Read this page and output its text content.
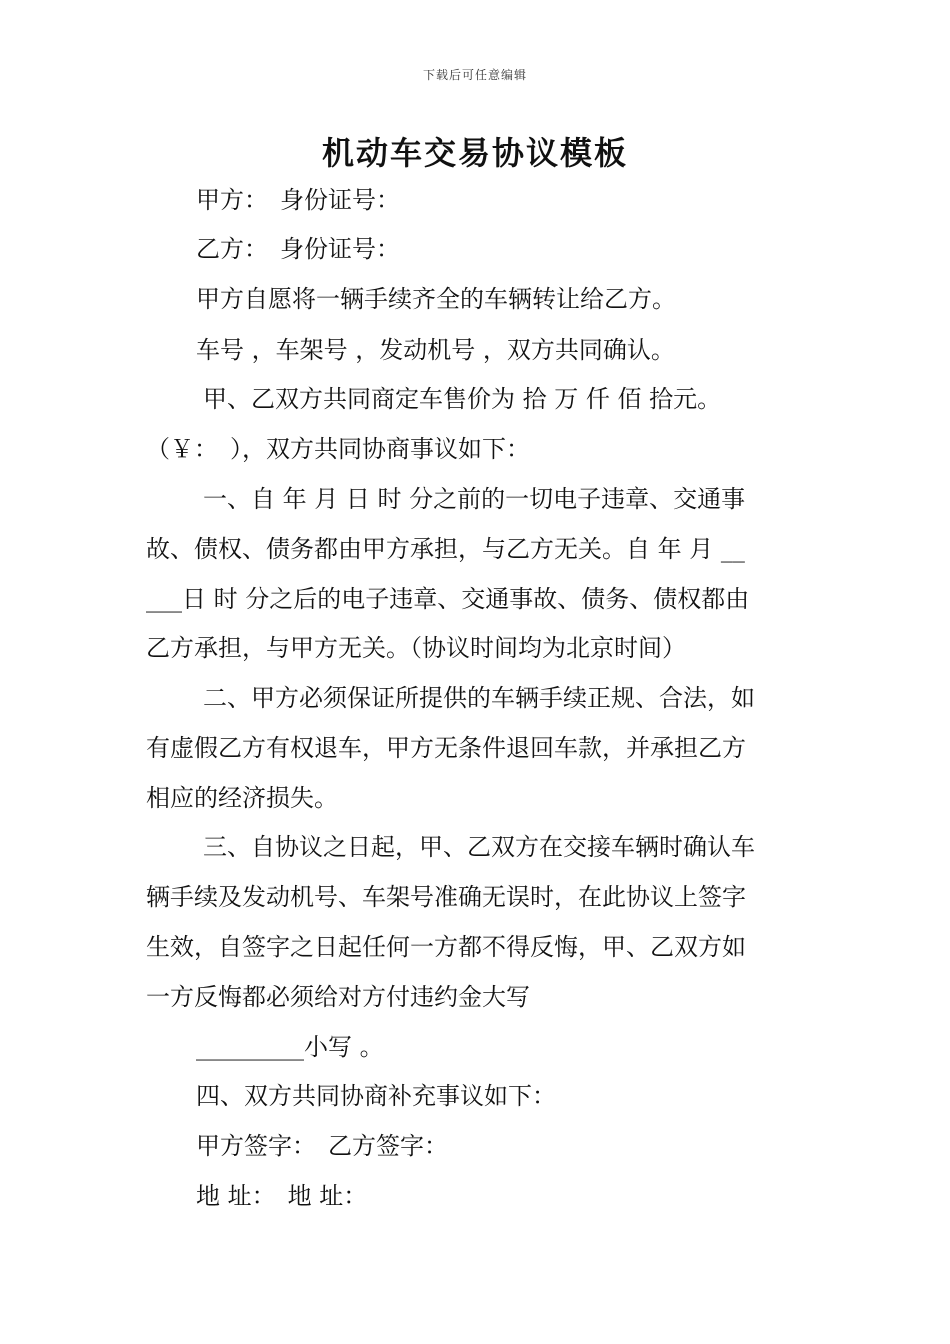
下载后可任意编辑
机动车交易协议模板
甲方：　身份证号：
乙方：　身份证号：
甲方自愿将一辆手续齐全的车辆转让给乙方。
车号 ，车架号 ，发动机号 ，双方共同确认。
甲、乙双方共同商定车售价为 拾 万 仟 佰 拾元。
（￥：　），双方共同协商事议如下：
一、自 年 月 日 时 分之前的一切电子违章、交通事
故、债权、债务都由甲方承担，与乙方无关。自 年 月 __
___日 时 分之后的电子违章、交通事故、债务、债权都由
乙方承担，与甲方无关。（协议时间均为北京时间）
二、甲方必须保证所提供的车辆手续正规、合法，如
有虚假乙方有权退车，甲方无条件退回车款，并承担乙方
相应的经济损失。
三、自协议之日起，甲、乙双方在交接车辆时确认车
辆手续及发动机号、车架号准确无误时，在此协议上签字
生效，自签字之日起任何一方都不得反悔，甲、乙双方如
一方反悔都必须给对方付违约金大写
_________小写 。
四、双方共同协商补充事议如下：
甲方签字：　乙方签字：
地 址：　地 址：
